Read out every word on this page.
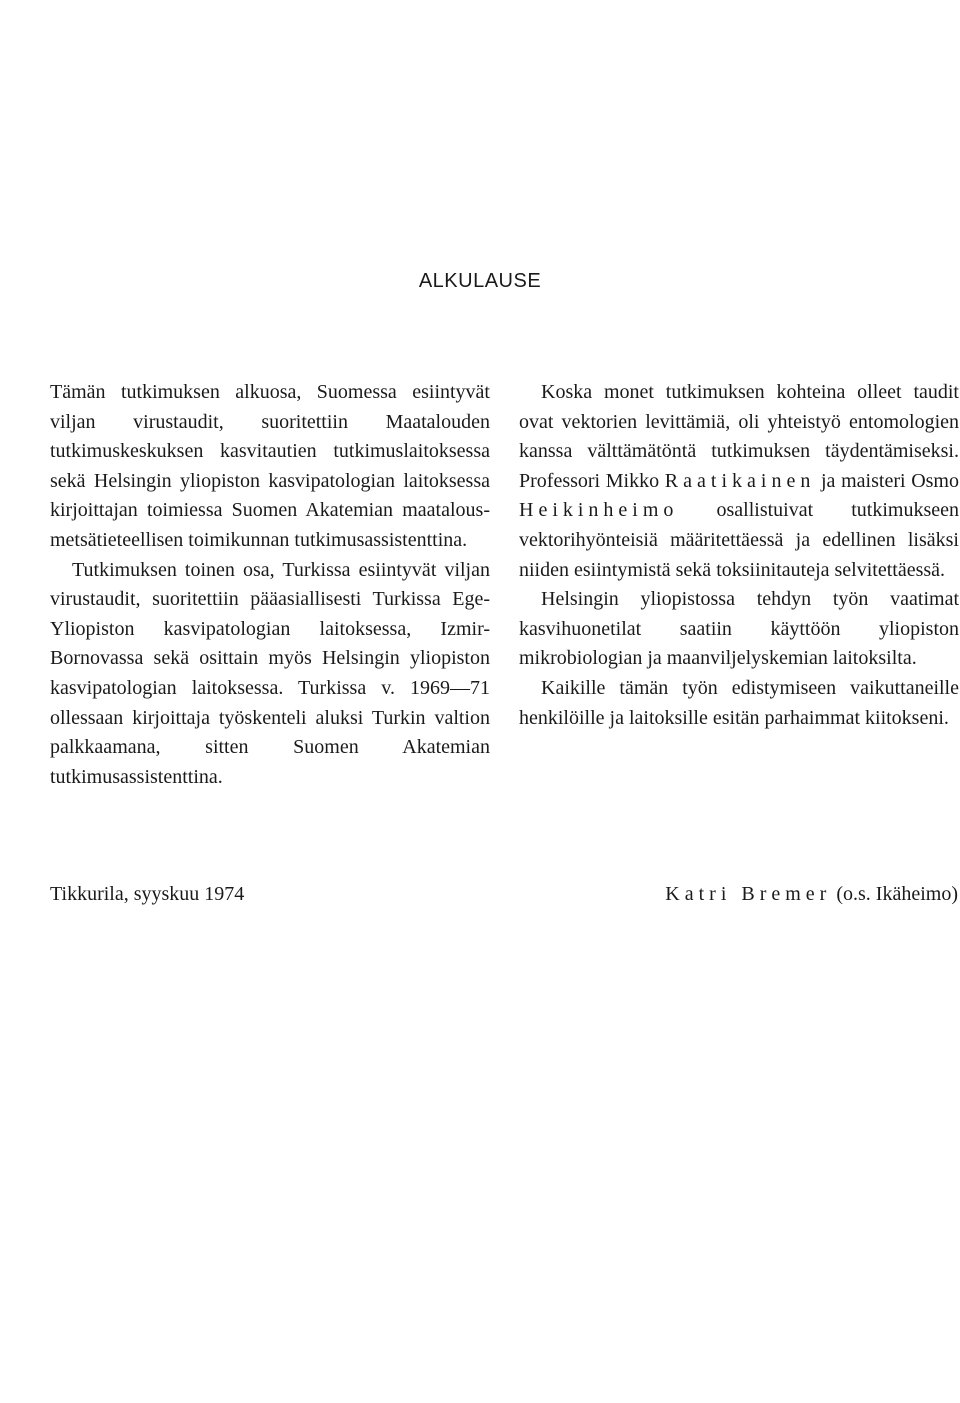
ALKULAUSE

Tämän tutkimuksen alkuosa, Suomessa esiintyvät viljan virustaudit, suoritettiin Maatalouden tutkimuskeskuksen kasvitautien tutkimuslaitoksessa sekä Helsingin yliopiston kasvipatologian laitoksessa kirjoittajan toimiessa Suomen Akatemian maatalous-metsätieteellisen toimikunnan tutkimusassistenttina.

Tutkimuksen toinen osa, Turkissa esiintyvät viljan virustaudit, suoritettiin pääasiallisesti Turkissa Ege-Yliopiston kasvipatologian laitoksessa, Izmir-Bornovassa sekä osittain myös Helsingin yliopiston kasvipatologian laitoksessa. Turkissa v. 1969—71 ollessaan kirjoittaja työskenteli aluksi Turkin valtion palkkaamana, sitten Suomen Akatemian tutkimusassistenttina.

Koska monet tutkimuksen kohteina olleet taudit ovat vektorien levittämiä, oli yhteistyö entomologien kanssa välttämätöntä tutkimuksen täydentämiseksi. Professori Mikko Raatikainen ja maisteri Osmo Heikinheimo osallistuivat tutkimukseen vektorihyönteisiä määritettäessä ja edellinen lisäksi niiden esiintymistä sekä toksiinitauteja selvitettäessä.

Helsingin yliopistossa tehdyn työn vaatimat kasvihuonetilat saatiin käyttöön yliopiston mikrobiologian ja maanviljelyskemian laitoksilta.

Kaikille tämän työn edistymiseen vaikuttaneille henkilöille ja laitoksille esitän parhaimmat kiitokseni.

Tikkurila, syyskuu 1974	Katri Bremer (o.s. Ikäheimo)
